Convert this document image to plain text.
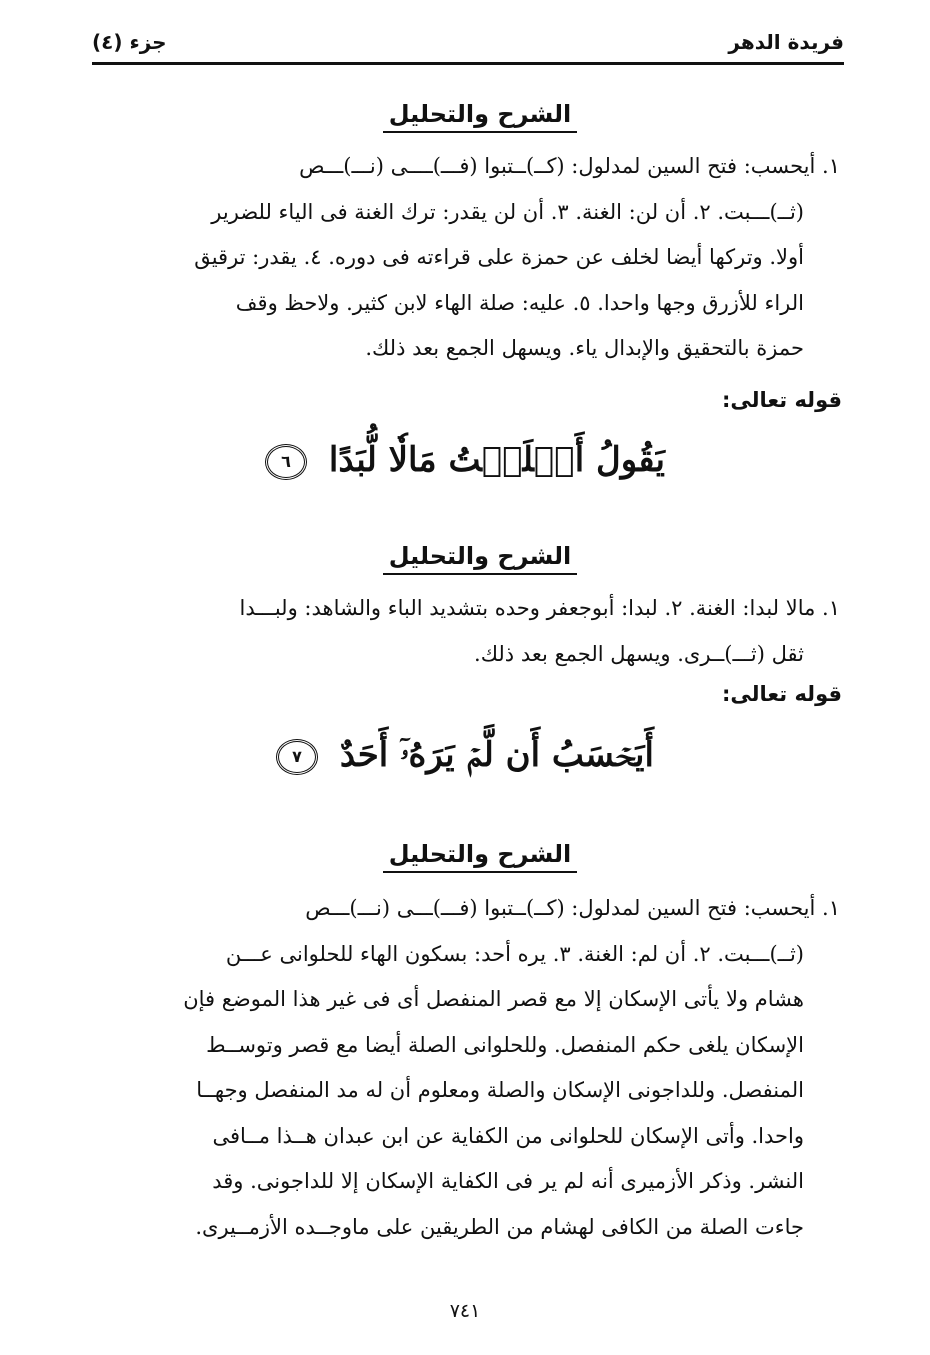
فريدة الدهر
جزء (٤)
الشرح والتحليل

١. أيحسب: فتح السين لمدلول: (كــ)ــتبوا (فـــ)ــــى (نـــ)ـــص

(ثــ)ـــبت. ٢. أن لن: الغنة. ٣. أن لن يقدر: ترك الغنة فى الياء للضرير

أولا. وتركها أيضا لخلف عن حمزة على قراءته فى دوره. ٤. يقدر: ترقيق

الراء للأزرق وجها واحدا. ٥. عليه: صلة الهاء لابن كثير. ولاحظ وقف

حمزة بالتحقيق والإبدال ياء. ويسهل الجمع بعد ذلك.

قوله تعالى:
يَقُولُ أَهۡلَكۡتُ مَالٗا لُّبَدًا ٦
الشرح والتحليل

١. مالا لبدا: الغنة. ٢. لبدا: أبوجعفر وحده بتشديد الباء والشاهد: ولبـــدا

ثقل (ثـــ)ــرى. ويسهل الجمع بعد ذلك.

قوله تعالى:
أَيَحۡسَبُ أَن لَّمۡ يَرَهُۥٓ أَحَدٌ ٧
الشرح والتحليل

١. أيحسب: فتح السين لمدلول: (كــ)ــتبوا (فـــ)ـــى (نـــ)ـــص

(ثــ)ـــبت. ٢. أن لم: الغنة. ٣. يره أحد: بسكون الهاء للحلوانى عـــن

هشام ولا يأتى الإسكان إلا مع قصر المنفصل أى فى غير هذا الموضع فإن

الإسكان يلغى حكم المنفصل. وللحلوانى الصلة أيضا مع قصر وتوســط

المنفصل. وللداجونى الإسكان والصلة ومعلوم أن له مد المنفصل وجهــا

واحدا. وأتى الإسكان للحلوانى من الكفاية عن ابن عبدان هــذا مــافى

النشر. وذكر الأزميرى أنه لم ير فى الكفاية الإسكان إلا للداجونى. وقد

جاءت الصلة من الكافى لهشام من الطريقين على ماوجــده الأزمــيرى.

٧٤١
